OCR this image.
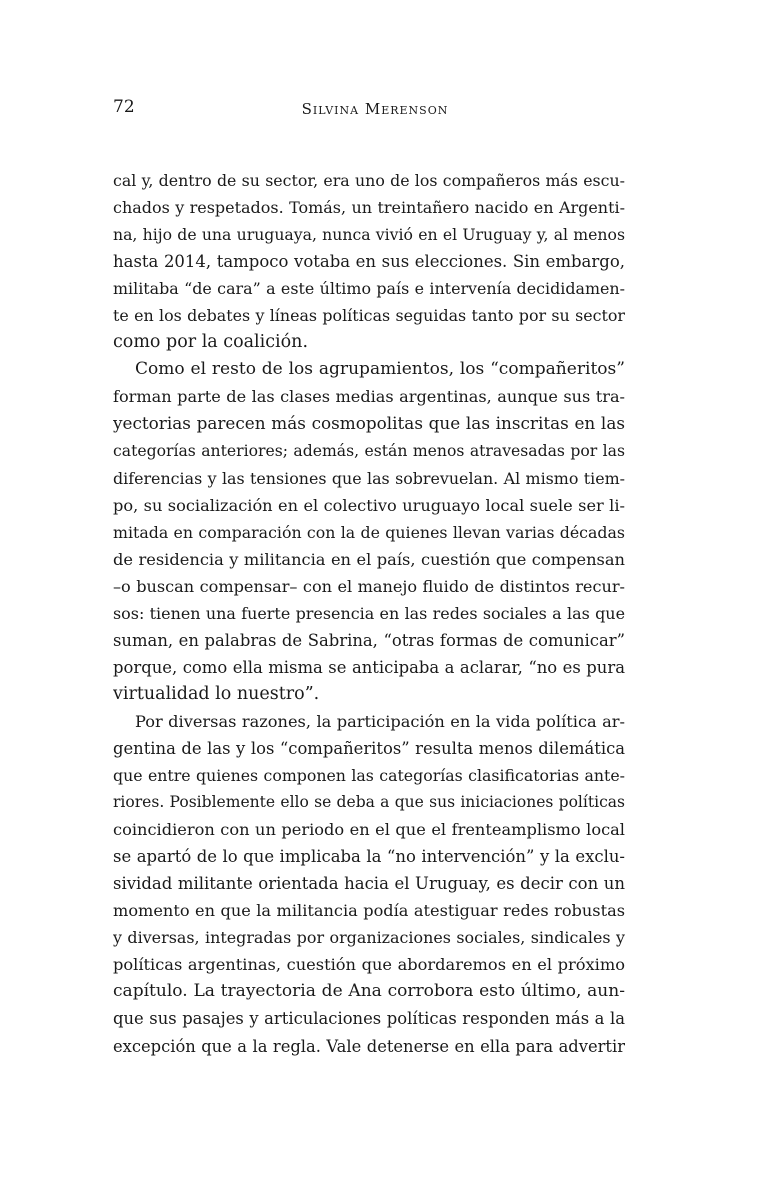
72	Silvina Merenson
cal y, dentro de su sector, era uno de los compañeros más escu-
chados y respetados. Tomás, un treintañero nacido en Argenti-
na, hijo de una uruguaya, nunca vivió en el Uruguay y, al menos
hasta 2014, tampoco votaba en sus elecciones. Sin embargo,
militaba “de cara” a este último país e intervenía decididamen-
te en los debates y líneas políticas seguidas tanto por su sector
como por la coalición.
Como el resto de los agrupamientos, los “compañeritos”
forman parte de las clases medias argentinas, aunque sus tra-
yectorias parecen más cosmopolitas que las inscritas en las
categorías anteriores; además, están menos atravesadas por las
diferencias y las tensiones que las sobrevuelan. Al mismo tiem-
po, su socialización en el colectivo uruguayo local suele ser li-
mitada en comparación con la de quienes llevan varias décadas
de residencia y militancia en el país, cuestión que compensan
–o buscan compensar– con el manejo fluido de distintos recur-
sos: tienen una fuerte presencia en las redes sociales a las que
suman, en palabras de Sabrina, “otras formas de comunicar”
porque, como ella misma se anticipaba a aclarar, “no es pura
virtualidad lo nuestro”.
Por diversas razones, la participación en la vida política ar-
gentina de las y los “compañeritos” resulta menos dilemática
que entre quienes componen las categorías clasificatorias ante-
riores. Posiblemente ello se deba a que sus iniciaciones políticas
coincidieron con un periodo en el que el frenteamplismo local
se apartó de lo que implicaba la “no intervención” y la exclu-
sividad militante orientada hacia el Uruguay, es decir con un
momento en que la militancia podía atestiguar redes robustas
y diversas, integradas por organizaciones sociales, sindicales y
políticas argentinas, cuestión que abordaremos en el próximo
capítulo. La trayectoria de Ana corrobora esto último, aun-
que sus pasajes y articulaciones políticas responden más a la
excepción que a la regla. Vale detenerse en ella para advertir
